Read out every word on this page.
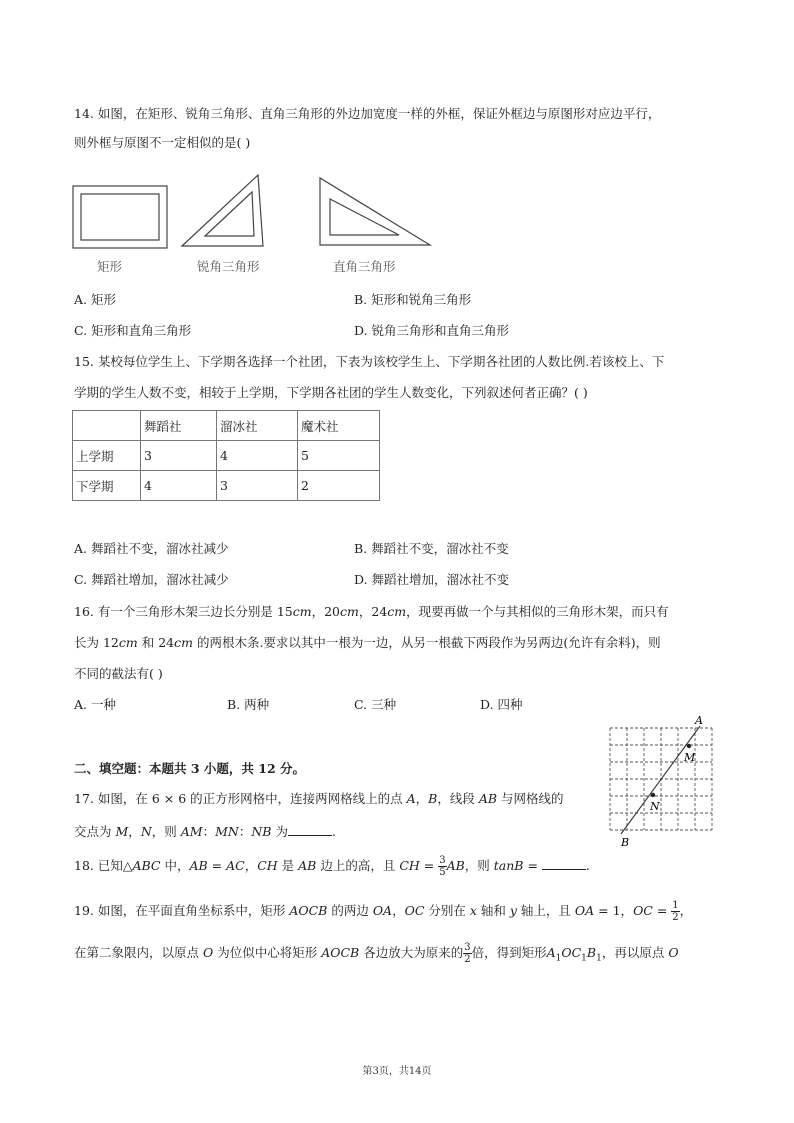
14. 如图，在矩形、锐角三角形、直角三角形的外边加宽度一样的外框，保证外框边与原图形对应边平行，
则外框与原图不一定相似的是( )
矩形	锐角三角形	直角三角形
A. 矩形	B. 矩形和锐角三角形
C. 矩形和直角三角形	D. 锐角三角形和直角三角形
15. 某校每位学生上、下学期各选择一个社团，下表为该校学生上、下学期各社团的人数比例.若该校上、下
学期的学生人数不变，相较于上学期，下学期各社团的学生人数变化，下列叙述何者正确？( )
	舞蹈社	溜冰社	魔术社
上学期	3	4	5
下学期	4	3	2
A. 舞蹈社不变，溜冰社减少	B. 舞蹈社不变，溜冰社不变
C. 舞蹈社增加，溜冰社减少	D. 舞蹈社增加，溜冰社不变
16. 有一个三角形木架三边长分别是 15cm，20cm，24cm，现要再做一个与其相似的三角形木架，而只有
长为 12cm 和 24cm 的两根木条.要求以其中一根为一边，从另一根截下两段作为另两边(允许有余料)，则
不同的截法有( )
A. 一种	B. 两种	C. 三种	D. 四种
二、填空题：本题共 3 小题，共 12 分。
A
M
N
B
17. 如图，在 6 × 6 的正方形网格中，连接两网格线上的点 A，B，线段 AB 与网格线的
交点为 M，N，则 AM：MN：NB 为	.
18. 已知△ABC 中，AB = AC，CH 是 AB 边上的高，且 CH = $\frac{3}{5}$ AB，则 tanB =	.
19. 如图，在平面直角坐标系中，矩形 AOCB 的两边 OA，OC 分别在 x 轴和 y 轴上，且 OA = 1，OC = $\frac{1}{2}$ ，
在第二象限内，以原点 O 为位似中心将矩形 AOCB 各边放大为原来的 $\frac{3}{2}$ 倍，得到矩形$A_1OC_1B_1$，再以原点 O
第3页，共14页
